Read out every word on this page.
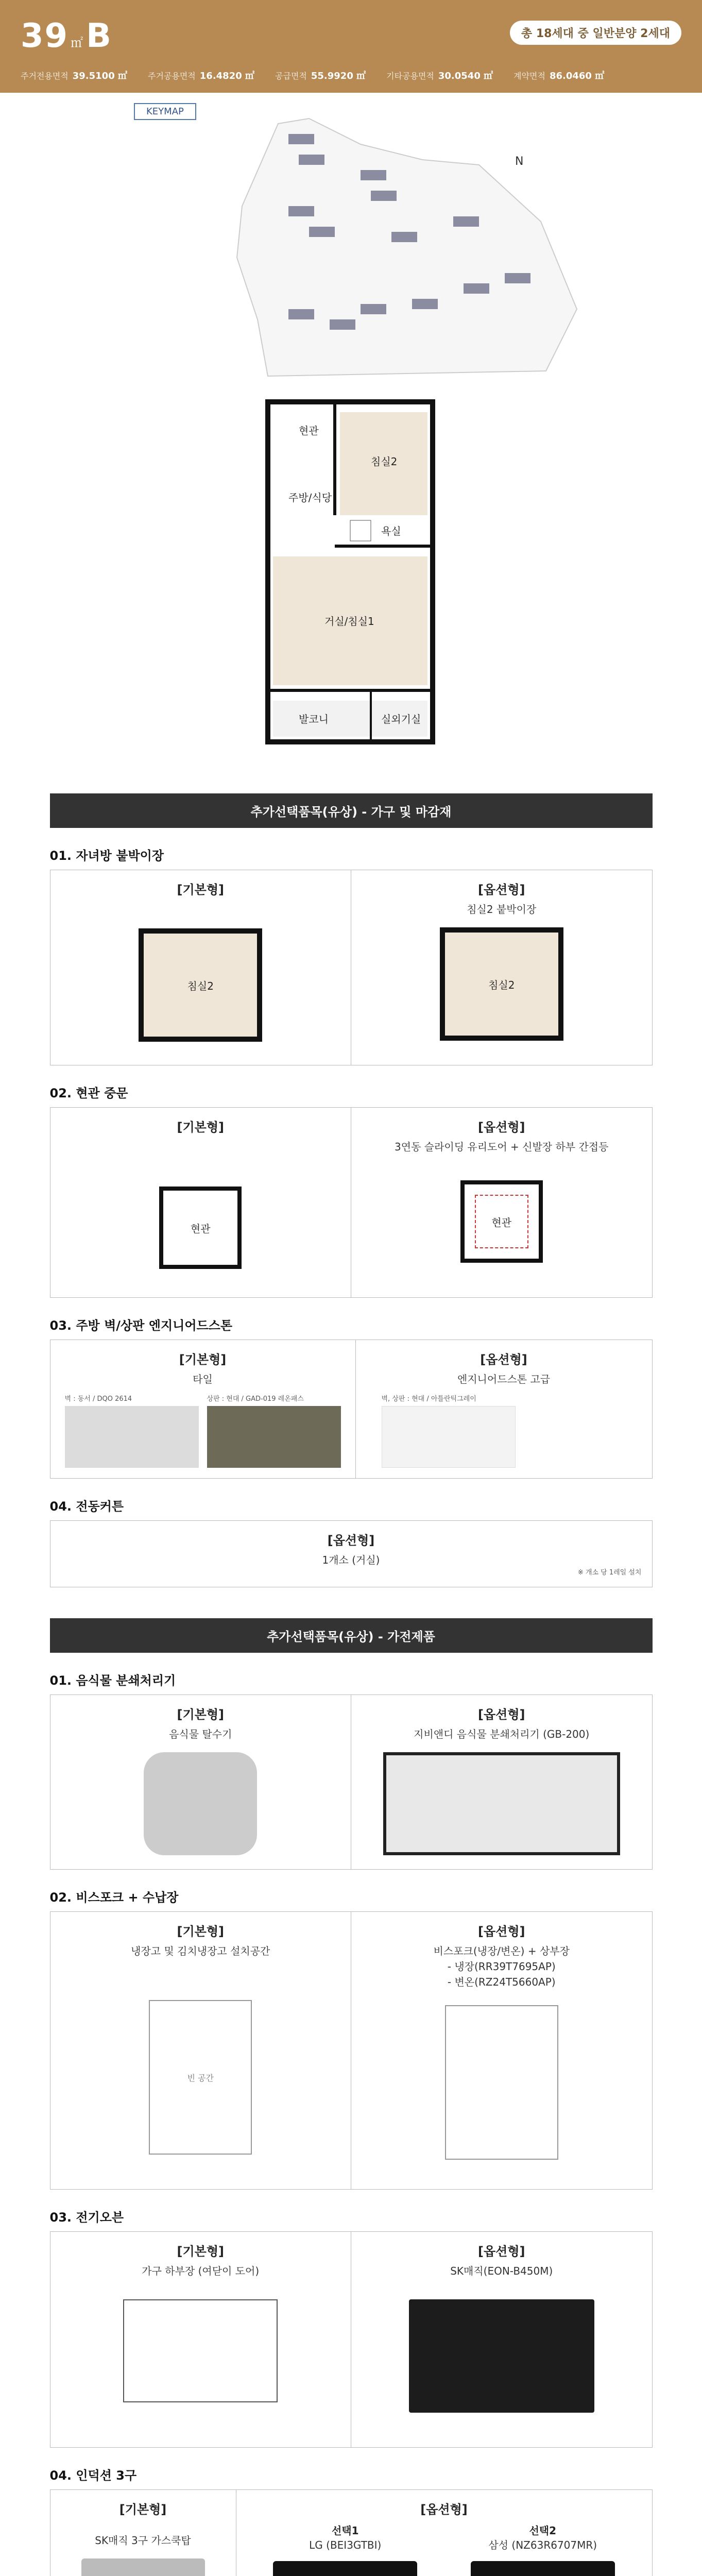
39 ㎡B	총 18세대 중 일반분양 2세대
주거전용면적 39.5100 ㎡	주거공용면적 16.4820 ㎡	공급면적 55.9920 ㎡	기타공용면적 30.0540 ㎡	계약면적 86.0460 ㎡
KEYMAP
N
현관
침실2
주방/식당
욕실
거실/침실1
발코니	실외기실
추가선택품목(유상) - 가구 및 마감재
01. 자녀방 붙박이장
[기본형]
침실2
[옵션형]
침실2 붙박이장
침실2
02. 현관 중문
[기본형]
현관
[옵션형]
3연동 슬라이딩 유리도어 + 신발장 하부 간접등
현관
03. 주방 벽/상판 엔지니어드스톤
[기본형]
타일
벽 : 동서 / DQO 2614	상판 : 현대 / GAD-019 레온패스
[옵션형]
엔지니어드스톤 고급
벽, 상판 : 현대 / 아틀란틱그레이
04. 전동커튼
[옵션형]
1개소 (거실)
※ 개소 당 1레일 설치
추가선택품목(유상) - 가전제품
01. 음식물 분쇄처리기
[기본형]
음식물 탈수기
[옵션형]
지비앤디 음식물 분쇄처리기 (GB-200)
02. 비스포크 + 수납장
[기본형]
냉장고 및 김치냉장고 설치공간
빈 공간
[옵션형]
비스포크(냉장/변온) + 상부장
- 냉장(RR39T7695AP)
- 변온(RZ24T5660AP)
03. 전기오븐
[기본형]
가구 하부장 (여닫이 도어)
[옵션형]
SK매직(EON-B450M)
04. 인덕션 3구
[기본형]
SK매직 3구 가스쿡탑
[옵션형]
선택1
LG (BEI3GTBI)
선택2
삼성 (NZ63R6707MR)
